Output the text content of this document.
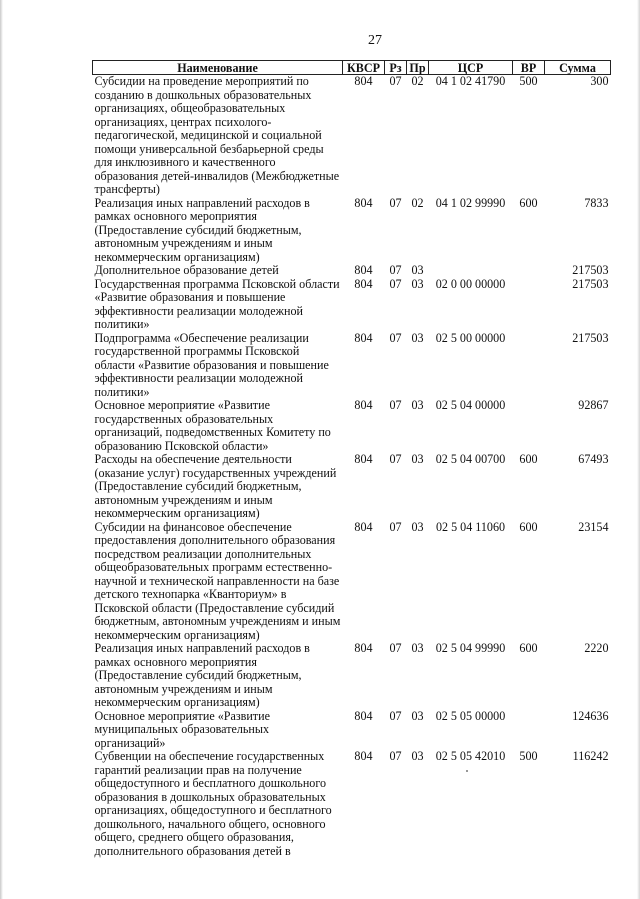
27
Наименование	КВСР	Рз	Пр	ЦСР	ВР	Сумма
Субсидии на проведение мероприятий по созданию в дошкольных образовательных организациях, общеобразовательных организациях, центрах психолого-педагогической, медицинской и социальной помощи универсальной безбарьерной среды для инклюзивного и качественного образования детей-инвалидов (Межбюджетные трансферты)	804	07	02	04 1 02 41790	500	300
Реализация иных направлений расходов в рамках основного мероприятия (Предоставление субсидий бюджетным, автономным учреждениям и иным некоммерческим организациям)	804	07	02	04 1 02 99990	600	7833
Дополнительное образование детей	804	07	03			217503
Государственная программа Псковской области «Развитие образования и повышение эффективности реализации молодежной политики»	804	07	03	02 0 00 00000		217503
Подпрограмма «Обеспечение реализации государственной программы Псковской области «Развитие образования и повышение эффективности реализации молодежной политики»	804	07	03	02 5 00 00000		217503
Основное мероприятие «Развитие государственных образовательных организаций, подведомственных Комитету по образованию Псковской области»	804	07	03	02 5 04 00000		92867
Расходы на обеспечение деятельности (оказание услуг) государственных учреждений (Предоставление субсидий бюджетным, автономным учреждениям и иным некоммерческим организациям)	804	07	03	02 5 04 00700	600	67493
Субсидии на финансовое обеспечение предоставления дополнительного образования посредством реализации дополнительных общеобразовательных программ естественно-научной и технической направленности на базе детского технопарка «Кванториум» в Псковской области (Предоставление субсидий бюджетным, автономным учреждениям и иным некоммерческим организациям)	804	07	03	02 5 04 11060	600	23154
Реализация иных направлений расходов в рамках основного мероприятия (Предоставление субсидий бюджетным, автономным учреждениям и иным некоммерческим организациям)	804	07	03	02 5 04 99990	600	2220
Основное мероприятие «Развитие муниципальных образовательных организаций»	804	07	03	02 5 05 00000		124636
Субвенции на обеспечение государственных гарантий реализации прав на получение общедоступного и бесплатного дошкольного образования в дошкольных образовательных организациях, общедоступного и бесплатного дошкольного, начального общего, основного общего, среднего общего образования, дополнительного образования детей в	804	07	03	02 5 05 42010	500	116242
